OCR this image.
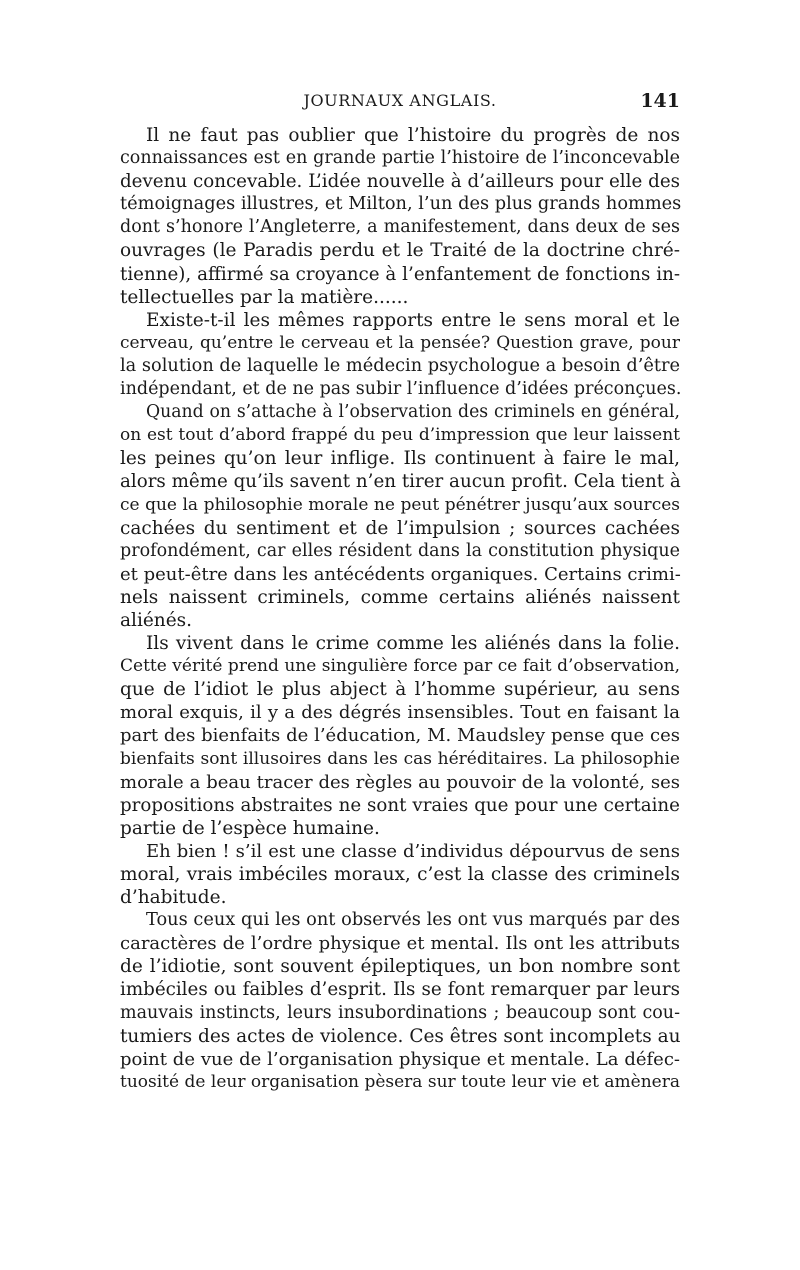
JOURNAUX ANGLAIS.	141
Il ne faut pas oublier que l’histoire du progrès de nos
connaissances est en grande partie l’histoire de l’inconcevable
devenu concevable. L’idée nouvelle à d’ailleurs pour elle des
témoignages illustres, et Milton, l’un des plus grands hommes
dont s’honore l’Angleterre, a manifestement, dans deux de ses
ouvrages (le Paradis perdu et le Traité de la doctrine chré-
tienne), affirmé sa croyance à l’enfantement de fonctions in-
tellectuelles par la matière......
Existe-t-il les mêmes rapports entre le sens moral et le
cerveau, qu’entre le cerveau et la pensée? Question grave, pour
la solution de laquelle le médecin psychologue a besoin d’être
indépendant, et de ne pas subir l’influence d’idées préconçues.
Quand on s’attache à l’observation des criminels en général,
on est tout d’abord frappé du peu d’impression que leur laissent
les peines qu’on leur inflige. Ils continuent à faire le mal,
alors même qu’ils savent n’en tirer aucun profit. Cela tient à
ce que la philosophie morale ne peut pénétrer jusqu’aux sources
cachées du sentiment et de l’impulsion ; sources cachées
profondément, car elles résident dans la constitution physique
et peut-être dans les antécédents organiques. Certains crimi-
nels naissent criminels, comme certains aliénés naissent
aliénés.
Ils vivent dans le crime comme les aliénés dans la folie.
Cette vérité prend une singulière force par ce fait d’observation,
que de l’idiot le plus abject à l’homme supérieur, au sens
moral exquis, il y a des dégrés insensibles. Tout en faisant la
part des bienfaits de l’éducation, M. Maudsley pense que ces
bienfaits sont illusoires dans les cas héréditaires. La philosophie
morale a beau tracer des règles au pouvoir de la volonté, ses
propositions abstraites ne sont vraies que pour une certaine
partie de l’espèce humaine.
Eh bien ! s’il est une classe d’individus dépourvus de sens
moral, vrais imbéciles moraux, c’est la classe des criminels
d’habitude.
Tous ceux qui les ont observés les ont vus marqués par des
caractères de l’ordre physique et mental. Ils ont les attributs
de l’idiotie, sont souvent épileptiques, un bon nombre sont
imbéciles ou faibles d’esprit. Ils se font remarquer par leurs
mauvais instincts, leurs insubordinations ; beaucoup sont cou-
tumiers des actes de violence. Ces êtres sont incomplets au
point de vue de l’organisation physique et mentale. La défec-
tuosité de leur organisation pèsera sur toute leur vie et amènera
